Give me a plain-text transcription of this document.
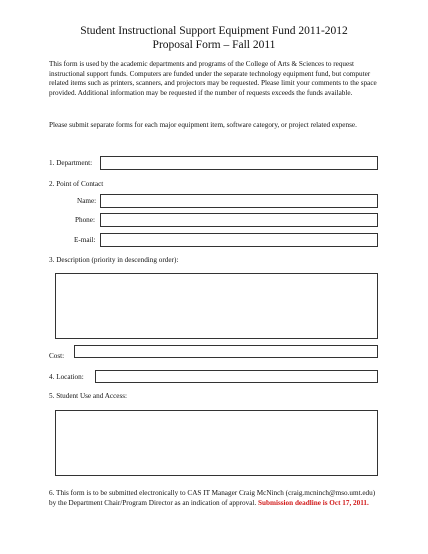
Student Instructional Support Equipment Fund 2011-2012
Proposal Form – Fall 2011
This form is used by the academic departments and programs of the College of Arts & Sciences to request instructional support funds. Computers are funded under the separate technology equipment fund, but computer related items such as printers, scanners, and projectors may be requested. Please limit your comments to the space provided. Additional information may be requested if the number of requests exceeds the funds available.
Please submit separate forms for each major equipment item, software category, or project related expense.
1. Department:
2. Point of Contact
Name:
Phone:
E-mail:
3. Description (priority in descending order):
Cost:
4. Location:
5. Student Use and Access:
6. This form is to be submitted electronically to CAS IT Manager Craig McNinch (craig.mcninch@mso.umt.edu) by the Department Chair/Program Director as an indication of approval. Submission deadline is Oct 17, 2011.
